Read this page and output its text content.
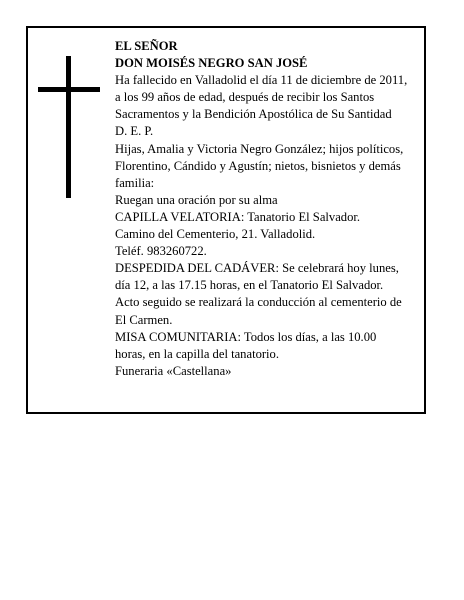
EL SEÑOR

DON MOISÉS NEGRO SAN JOSÉ

Ha fallecido en Valladolid el día 11 de diciembre de 2011, a los 99 años de edad, después de recibir los Santos Sacramentos y la Bendición Apostólica de Su Santidad

D. E. P.

Hijas, Amalia y Victoria Negro González; hijos políticos, Florentino, Cándido y Agustín; nietos, bisnietos y demás familia:

Ruegan una oración por su alma

CAPILLA VELATORIA: Tanatorio El Salvador.

Camino del Cementerio, 21. Valladolid.

Teléf. 983260722.

DESPEDIDA DEL CADÁVER: Se celebrará hoy lunes, día 12, a las 17.15 horas, en el Tanatorio El Salvador. Acto seguido se realizará la conducción al cementerio de El Carmen.

MISA COMUNITARIA: Todos los días, a las 10.00 horas, en la capilla del tanatorio.

Funeraria «Castellana»
